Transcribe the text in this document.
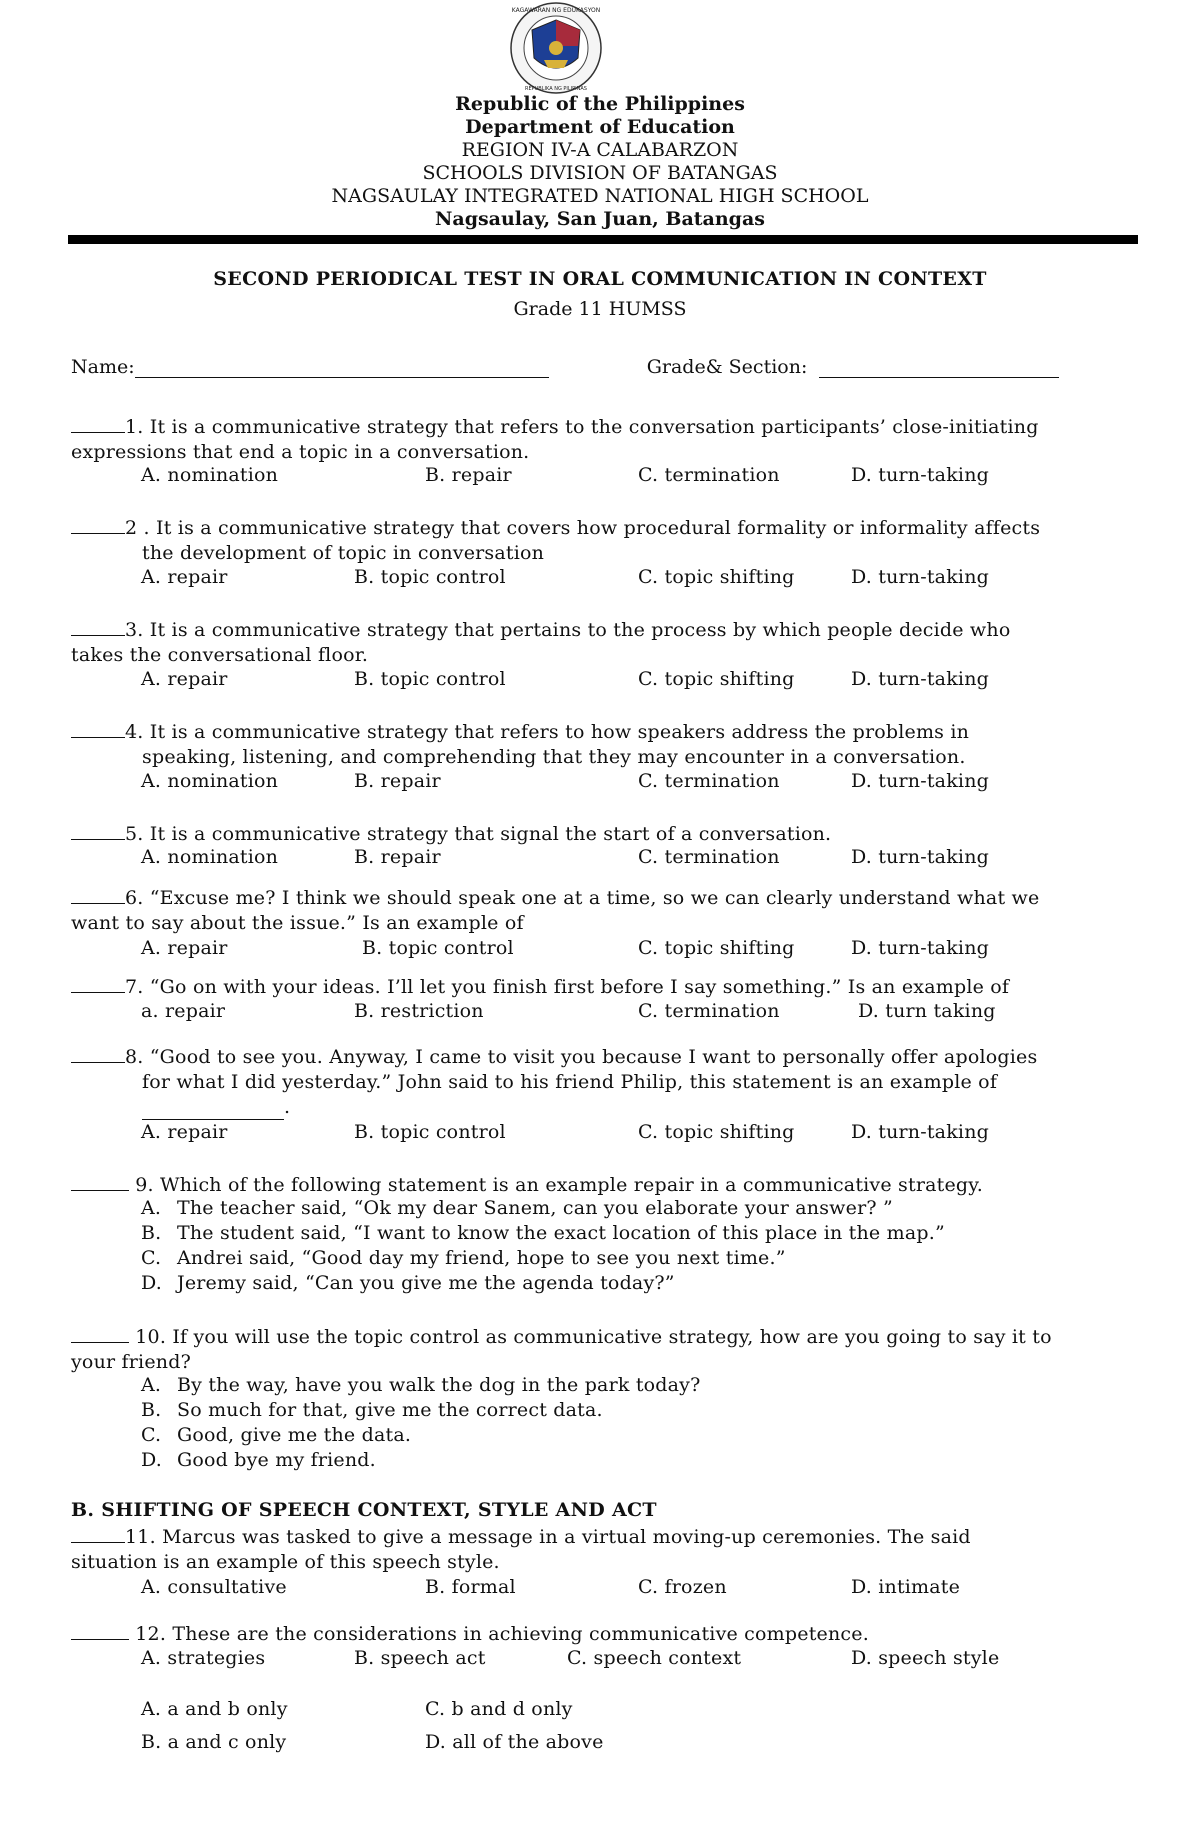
KAGAWARAN NG EDUKASYON
REPUBLIKA NG PILIPINAS
Republic of the Philippines
Department of Education
REGION IV-A CALABARZON
SCHOOLS DIVISION OF BATANGAS
NAGSAULAY INTEGRATED NATIONAL HIGH SCHOOL
Nagsaulay, San Juan, Batangas
SECOND PERIODICAL TEST IN ORAL COMMUNICATION IN CONTEXT
Grade 11 HUMSS
Name:	Grade& Section:
1. It is a communicative strategy that refers to the conversation participants’ close-initiating
expressions that end a topic in a conversation.
A. nomination	B. repair	C. termination	D. turn-taking
2 . It is a communicative strategy that covers how procedural formality or informality affects
the development of topic in conversation
A. repair	B. topic control	C. topic shifting	D. turn-taking
3. It is a communicative strategy that pertains to the process by which people decide who
takes the conversational floor.
A. repair	B. topic control	C. topic shifting	D. turn-taking
4. It is a communicative strategy that refers to how speakers address the problems in
speaking, listening, and comprehending that they may encounter in a conversation.
A. nomination	B. repair	C. termination	D. turn-taking
5. It is a communicative strategy that signal the start of a conversation.
A. nomination	B. repair	C. termination	D. turn-taking
6. “Excuse me? I think we should speak one at a time, so we can clearly understand what we
want to say about the issue.” Is an example of
A. repair	B. topic control	C. topic shifting	D. turn-taking
7. “Go on with your ideas. I’ll let you finish first before I say something.” Is an example of
a. repair	B. restriction	C. termination	D. turn taking
8. “Good to see you. Anyway, I came to visit you because I want to personally offer apologies
for what I did yesterday.” John said to his friend Philip, this statement is an example of
.
A. repair	B. topic control	C. topic shifting	D. turn-taking
9. Which of the following statement is an example repair in a communicative strategy.
A. The teacher said, “Ok my dear Sanem, can you elaborate your answer? ”
B. The student said, “I want to know the exact location of this place in the map.”
C. Andrei said, “Good day my friend, hope to see you next time.”
D. Jeremy said, “Can you give me the agenda today?”
10. If you will use the topic control as communicative strategy, how are you going to say it to
your friend?
A. By the way, have you walk the dog in the park today?
B. So much for that, give me the correct data.
C. Good, give me the data.
D. Good bye my friend.
B. SHIFTING OF SPEECH CONTEXT, STYLE AND ACT
11. Marcus was tasked to give a message in a virtual moving-up ceremonies. The said
situation is an example of this speech style.
A. consultative	B. formal	C. frozen	D. intimate
12. These are the considerations in achieving communicative competence.
A. strategies	B. speech act	C. speech context	D. speech style
A. a and b only	C. b and d only
B. a and c only	D. all of the above
